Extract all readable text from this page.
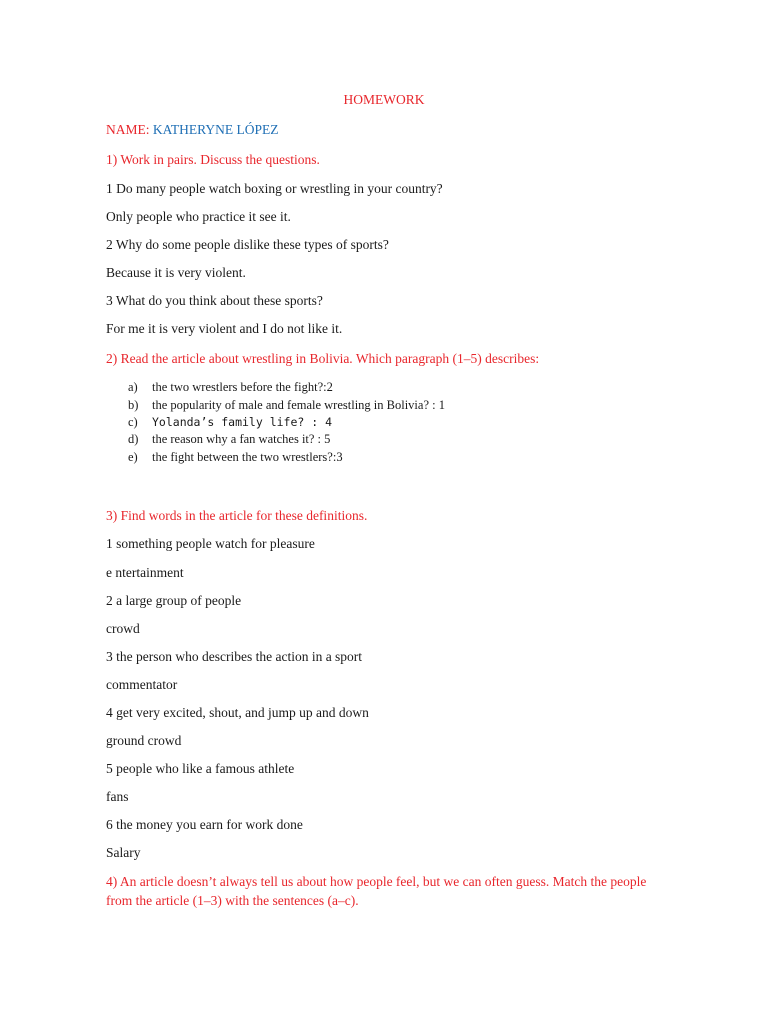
HOMEWORK
NAME: KATHERYNE LÓPEZ
1) Work in pairs. Discuss the questions.
1 Do many people watch boxing or wrestling in your country?
Only people who practice it see it.
2 Why do some people dislike these types of sports?
Because it is very violent.
3 What do you think about these sports?
For me it is very violent and I do not like it.
2) Read the article about wrestling in Bolivia. Which paragraph (1–5) describes:
a) the two wrestlers before the fight?:2
b) the popularity of male and female wrestling in Bolivia? : 1
c) Yolanda’s family life? : 4
d) the reason why a fan watches it? : 5
e) the fight between the two wrestlers?:3
3) Find words in the article for these definitions.
1 something people watch for pleasure
e ntertainment
2 a large group of people
crowd
3 the person who describes the action in a sport
commentator
4 get very excited, shout, and jump up and down
ground crowd
5 people who like a famous athlete
fans
6 the money you earn for work done
Salary
4) An article doesn’t always tell us about how people feel, but we can often guess. Match the people from the article (1–3) with the sentences (a–c).
